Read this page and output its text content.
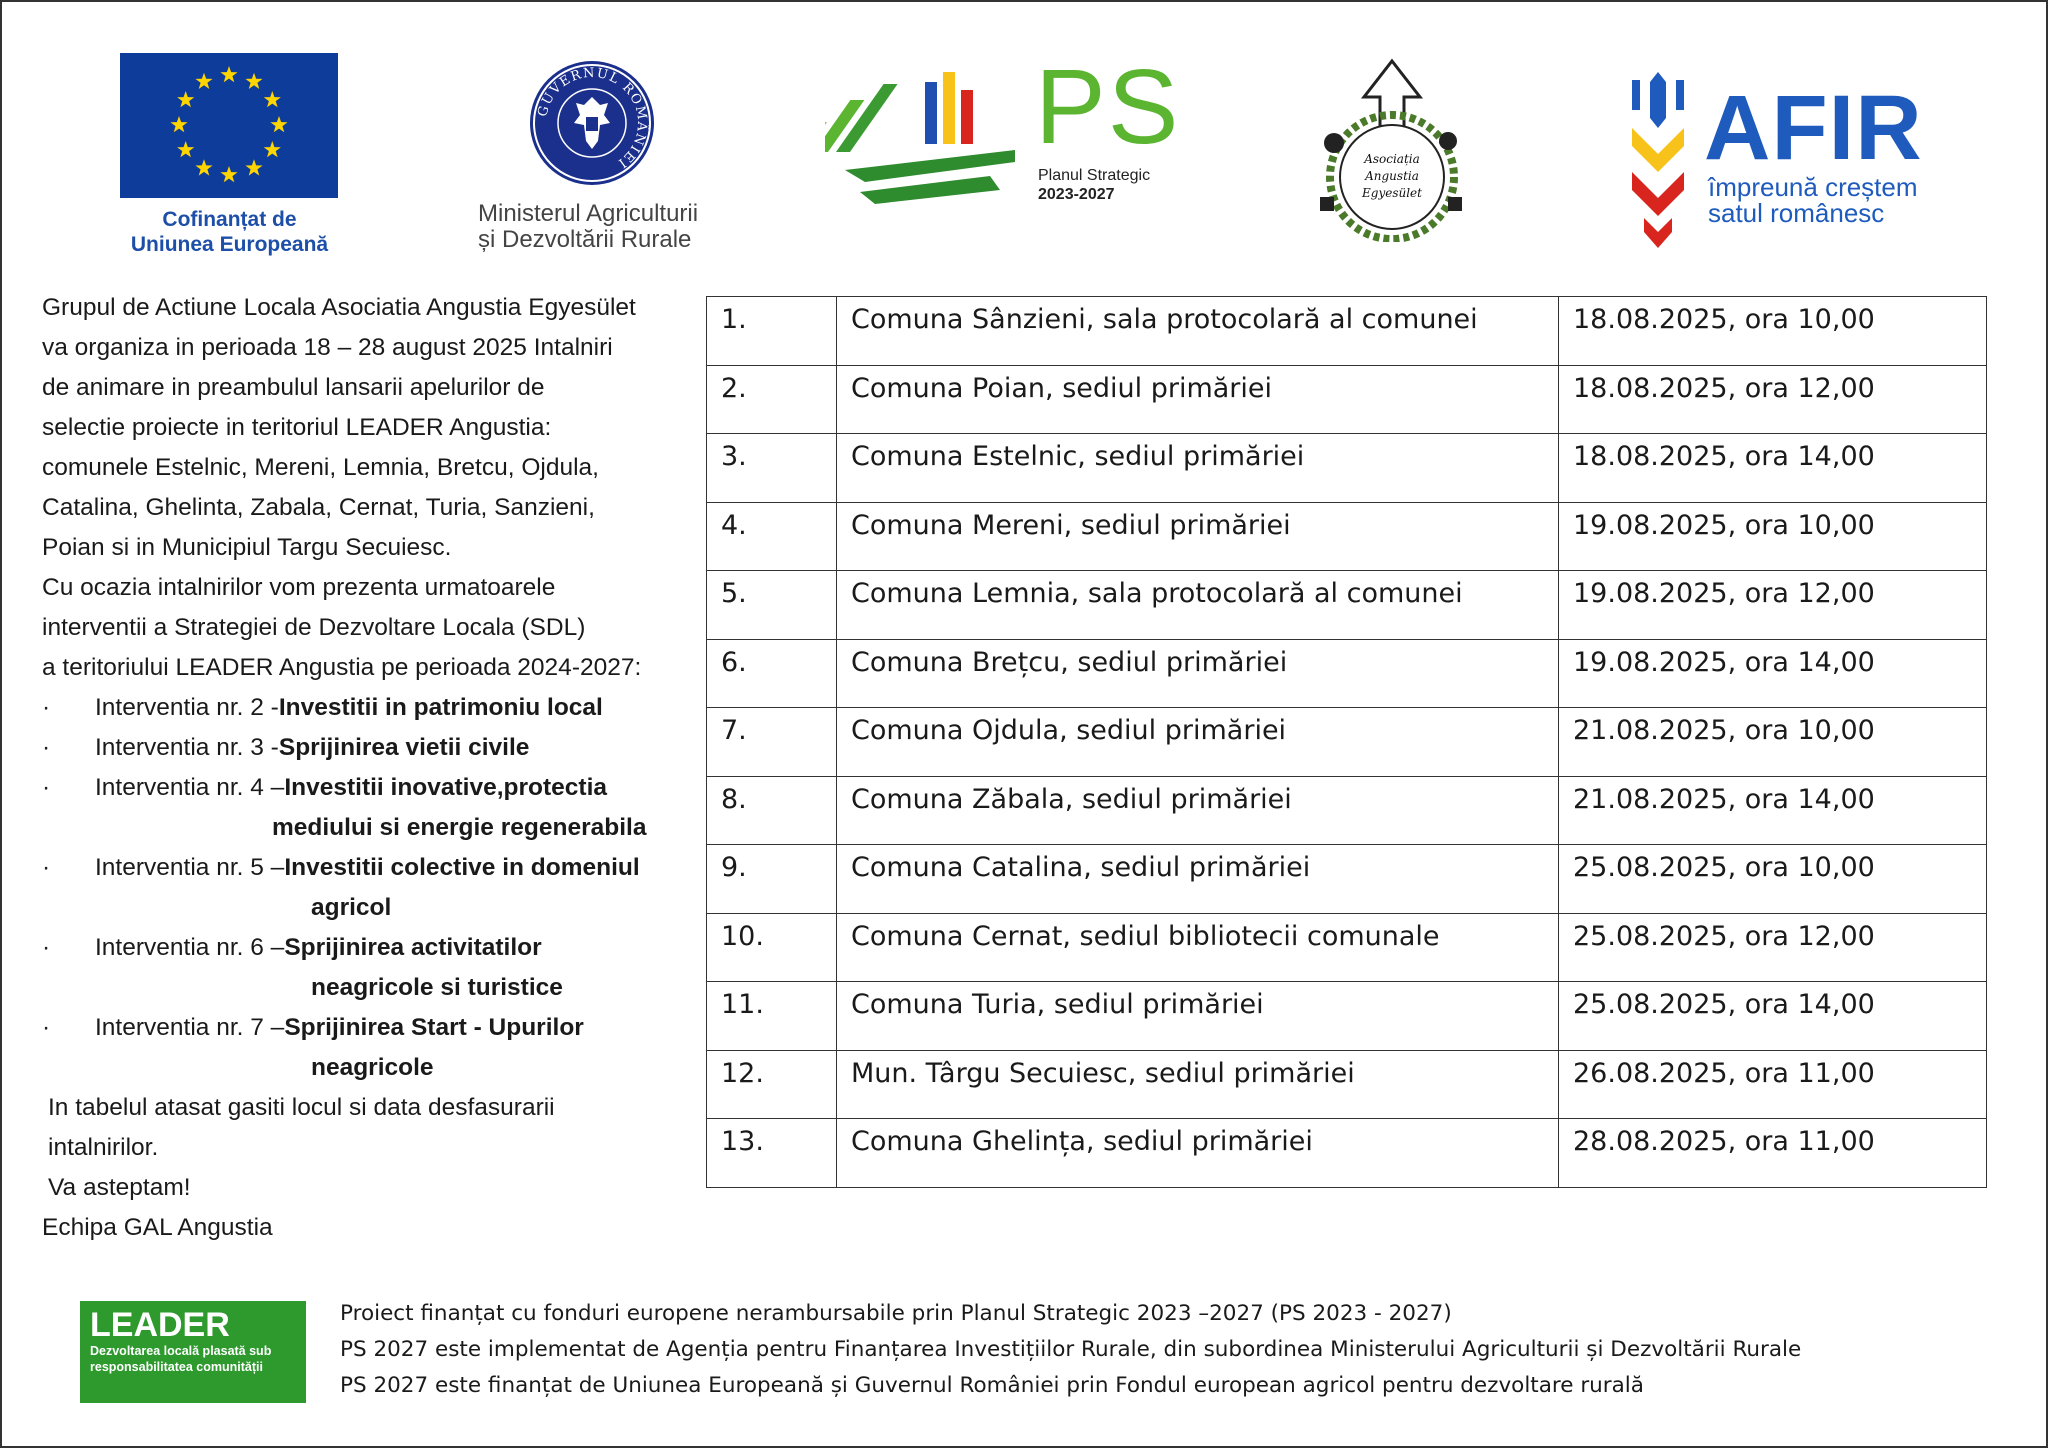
Cofinanțat de
Uniunea Europeană
GUVERNUL ROMÂNIEI
Ministerul Agriculturii
și Dezvoltării Rurale
PS
Planul Strategic
2023-2027
Asociația
Angustia
Egyesület
AFIR
împreună creștem
satul românesc
Grupul de Actiune Locala Asociatia Angustia Egyesület
va organiza in perioada 18 – 28 august 2025 Intalniri
de animare in preambulul lansarii apelurilor de
selectie proiecte in teritoriul LEADER Angustia:
comunele Estelnic, Mereni, Lemnia, Bretcu, Ojdula,
Catalina, Ghelinta, Zabala, Cernat, Turia, Sanzieni,
Poian si in Municipiul Targu Secuiesc.
Cu ocazia intalnirilor vom prezenta urmatoarele
interventii a Strategiei de Dezvoltare Locala (SDL)
a teritoriului LEADER Angustia pe perioada 2024-2027:
·	Interventia nr. 2 - Investitii in patrimoniu local
·	Interventia nr. 3 - Sprijinirea vietii civile
·	Interventia nr. 4 – Investitii inovative,protectia
mediului si energie regenerabila
·	Interventia nr. 5 – Investitii colective in domeniul
agricol
·	Interventia nr. 6 – Sprijinirea activitatilor
neagricole si turistice
·	Interventia nr. 7 – Sprijinirea Start - Upurilor
neagricole
In tabelul atasat gasiti locul si data desfasurarii
intalnirilor.
Va asteptam!
Echipa GAL Angustia
1.	Comuna Sânzieni, sala protocolară al comunei	18.08.2025, ora 10,00
2.	Comuna Poian, sediul primăriei	18.08.2025, ora 12,00
3.	Comuna Estelnic, sediul primăriei	18.08.2025, ora 14,00
4.	Comuna Mereni, sediul primăriei	19.08.2025, ora 10,00
5.	Comuna Lemnia, sala protocolară al comunei	19.08.2025, ora 12,00
6.	Comuna Brețcu, sediul primăriei	19.08.2025, ora 14,00
7.	Comuna Ojdula, sediul primăriei	21.08.2025, ora 10,00
8.	Comuna Zăbala, sediul primăriei	21.08.2025, ora 14,00
9.	Comuna Catalina, sediul primăriei	25.08.2025, ora 10,00
10.	Comuna Cernat, sediul bibliotecii comunale	25.08.2025, ora 12,00
11.	Comuna Turia, sediul primăriei	25.08.2025, ora 14,00
12.	Mun. Târgu Secuiesc, sediul primăriei	26.08.2025, ora 11,00
13.	Comuna Ghelința, sediul primăriei	28.08.2025, ora 11,00
LEADER
Dezvoltarea locală plasată sub
responsabilitatea comunității
Proiect finanțat cu fonduri europene nerambursabile prin Planul Strategic 2023 –2027 (PS 2023 - 2027)
PS 2027 este implementat de Agenția pentru Finanțarea Investițiilor Rurale, din subordinea Ministerului Agriculturii și Dezvoltării Rurale
PS 2027 este finanțat de Uniunea Europeană și Guvernul României prin Fondul european agricol pentru dezvoltare rurală
